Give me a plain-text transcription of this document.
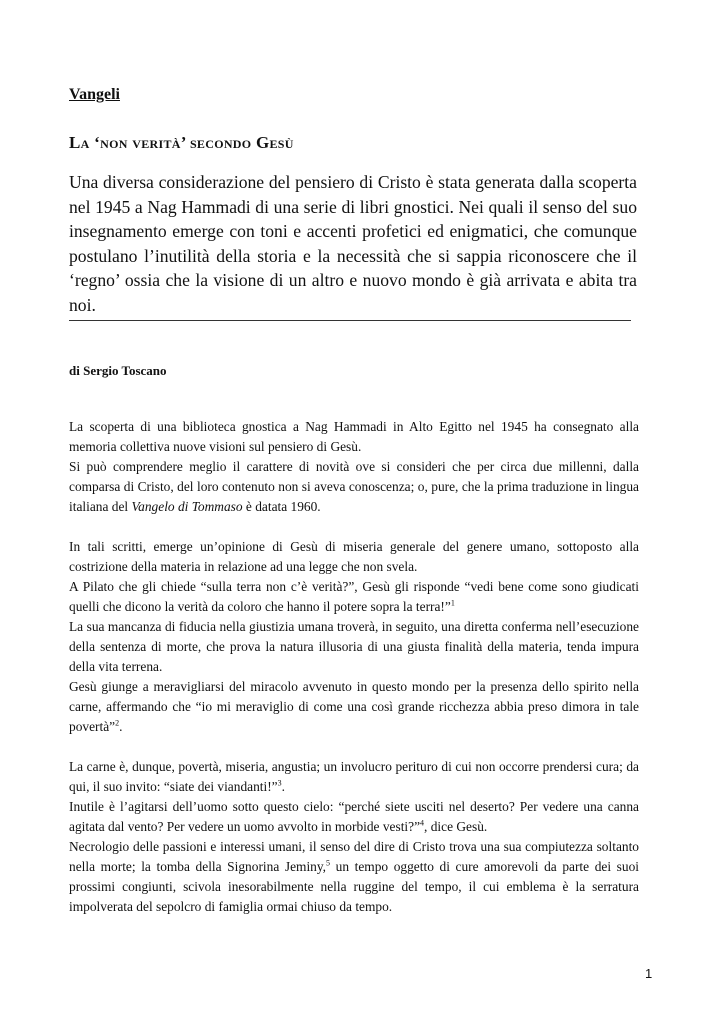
Vangeli

La ‘non verità’ secondo Gesù

Una diversa considerazione del pensiero di Cristo è stata generata dalla scoperta nel 1945 a Nag Hammadi di una serie di libri gnostici. Nei quali il senso del suo insegnamento emerge con toni e accenti profetici ed enigmatici, che comunque postulano l’inutilità della storia e la necessità che si sappia riconoscere che il ‘regno’ ossia che la visione di un altro e nuovo mondo è già arrivata e abita tra noi.

di Sergio Toscano

La scoperta di una biblioteca gnostica a Nag Hammadi in Alto Egitto nel 1945 ha consegnato alla memoria collettiva nuove visioni sul pensiero di Gesù.

Si può comprendere meglio il carattere di novità ove si consideri che per circa due millenni, dalla comparsa di Cristo, del loro contenuto non si aveva conoscenza; o, pure, che la prima traduzione in lingua italiana del Vangelo di Tommaso è datata 1960.

In tali scritti, emerge un’opinione di Gesù di miseria generale del genere umano, sottoposto alla costrizione della materia in relazione ad una legge che non svela.

A Pilato che gli chiede “sulla terra non c’è verità?”, Gesù gli risponde “vedi bene come sono giudicati quelli che dicono la verità da coloro che hanno il potere sopra la terra!”$^1$

La sua mancanza di fiducia nella giustizia umana troverà, in seguito, una diretta conferma nell’esecuzione della sentenza di morte, che prova la natura illusoria di una giusta finalità della materia, tenda impura della vita terrena.

Gesù giunge a meravigliarsi del miracolo avvenuto in questo mondo per la presenza dello spirito nella carne, affermando che “io mi meraviglio di come una così grande ricchezza abbia preso dimora in tale povertà”$^2$.

La carne è, dunque, povertà, miseria, angustia; un involucro perituro di cui non occorre prendersi cura; da qui, il suo invito: “siate dei viandanti!”$^3$.

Inutile è l’agitarsi dell’uomo sotto questo cielo: “perché siete usciti nel deserto? Per vedere una canna agitata dal vento? Per vedere un uomo avvolto in morbide vesti?”$^4$, dice Gesù.

Necrologio delle passioni e interessi umani, il senso del dire di Cristo trova una sua compiutezza soltanto nella morte; la tomba della Signorina Jeminy,$^5$ un tempo oggetto di cure amorevoli da parte dei suoi prossimi congiunti, scivola inesorabilmente nella ruggine del tempo, il cui emblema è la serratura impolverata del sepolcro di famiglia ormai chiuso da tempo.

1
